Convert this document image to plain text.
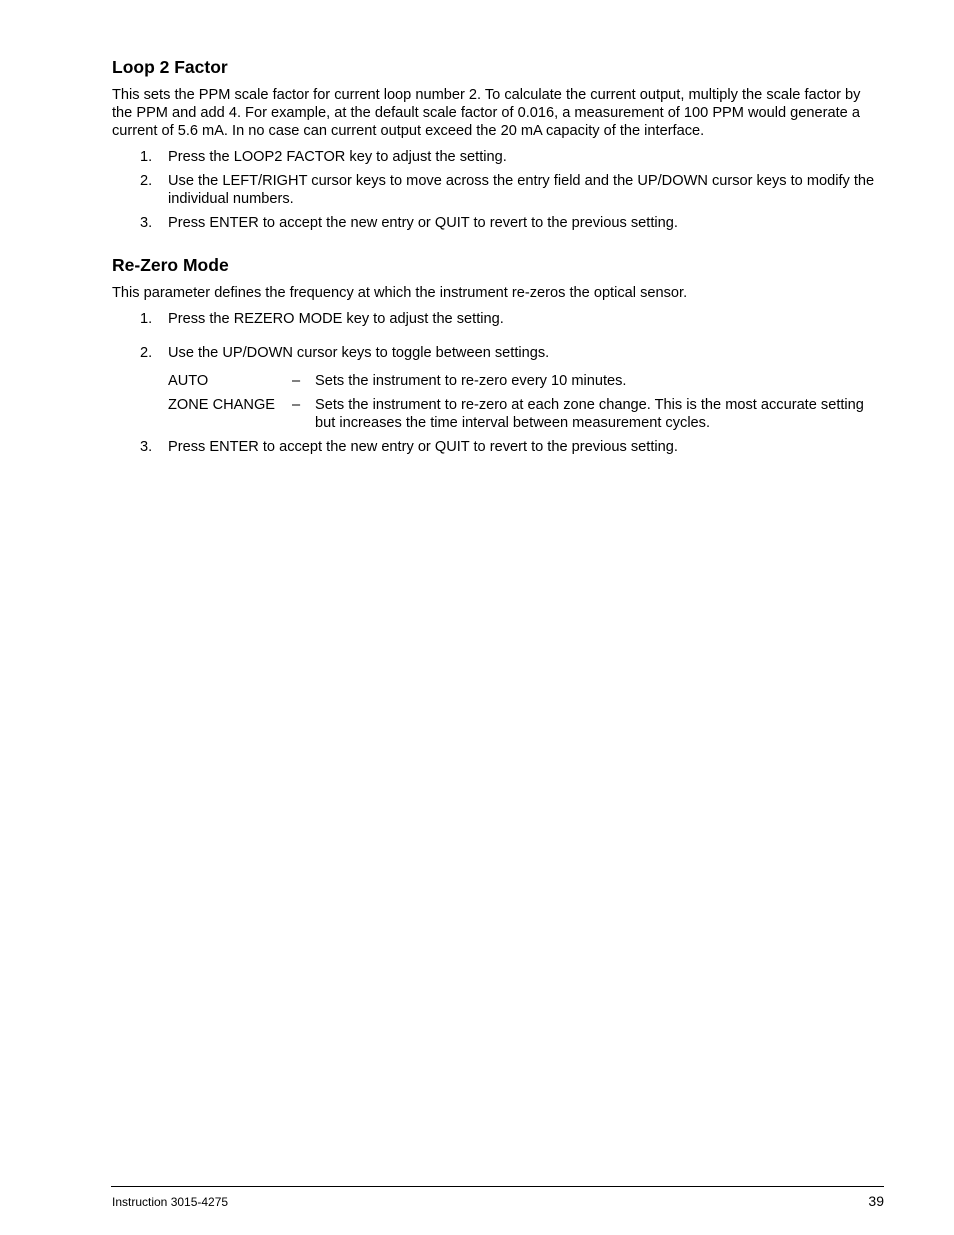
Loop 2 Factor

This sets the PPM scale factor for current loop number 2. To calculate the current output, multiply the scale factor by the PPM and add 4. For example, at the default scale factor of 0.016, a measurement of 100 PPM would generate a current of 5.6 mA. In no case can current output exceed the 20 mA capacity of the interface.

1. Press the LOOP2 FACTOR key to adjust the setting.
2. Use the LEFT/RIGHT cursor keys to move across the entry field and the UP/DOWN cursor keys to modify the individual numbers.
3. Press ENTER to accept the new entry or QUIT to revert to the previous setting.
Re-Zero Mode

This parameter defines the frequency at which the instrument re-zeros the optical sensor.

1. Press the REZERO MODE key to adjust the setting.
2. Use the UP/DOWN cursor keys to toggle between settings.
AUTO	–	Sets the instrument to re-zero every 10 minutes.
ZONE CHANGE	–	Sets the instrument to re-zero at each zone change. This is the most accurate setting but increases the time interval between measurement cycles.
3. Press ENTER to accept the new entry or QUIT to revert to the previous setting.
Instruction 3015-4275	39
